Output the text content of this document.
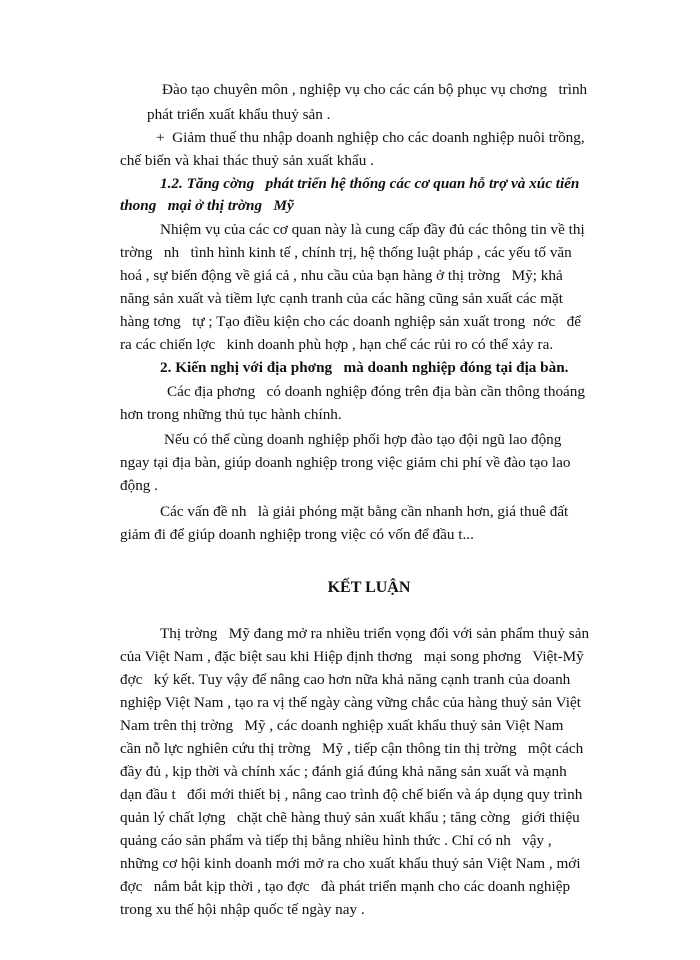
Đào tạo chuyên môn , nghiệp vụ cho các cán bộ phục vụ chơng   trình
phát triển xuất khẩu thuỷ sản .
+  Giảm thuế thu nhập doanh nghiệp cho các doanh nghiệp nuôi trồng,
chế biến và khai thác thuỷ sản xuất khẩu .
1.2. Tăng cờng   phát triển hệ thống các cơ quan hỗ trợ và xúc tiến
thong   mại ở thị trờng   Mỹ
Nhiệm vụ của các cơ quan này là cung cấp đầy đủ các thông tin về thị
trờng   nh   tình hình kinh tế , chính trị, hệ thống luật pháp , các yếu tố văn
hoá , sự biến động về giá cả , nhu cầu của bạn hàng ở thị trờng   Mỹ; khả
năng sản xuất và tiềm lực cạnh tranh của các hãng cũng sản xuất các mặt
hàng tơng   tự ; Tạo điều kiện cho các doanh nghiệp sản xuất trong  nớc   để
ra các chiến lợc   kinh doanh phù hợp , hạn chế các rủi ro có thể xảy ra.
2. Kiến nghị với địa phơng   mà doanh nghiệp đóng tại địa bàn.
Các địa phơng   có doanh nghiệp đóng trên địa bàn cần thông thoáng
hơn trong những thủ tục hành chính.
Nếu có thể cùng doanh nghiệp phối hợp đào tạo đội ngũ lao động
ngay tại địa bàn, giúp doanh nghiệp trong việc giảm chi phí về đào tạo lao
động .
Các vấn đề nh   là giải phóng mặt bằng cần nhanh hơn, giá thuê đất
giảm đi để giúp doanh nghiệp trong việc có vốn để đầu t...
KẾT LUẬN
Thị trờng   Mỹ đang mở ra nhiều triển vọng đối với sản phẩm thuỷ sản
của Việt Nam , đặc biệt sau khi Hiệp định thơng   mại song phơng   Việt-Mỹ
đợc   ký kết. Tuy vậy để nâng cao hơn nữa khả năng cạnh tranh của doanh
nghiệp Việt Nam , tạo ra vị thế ngày càng vững chắc của hàng thuỷ sản Việt
Nam trên thị trờng   Mỹ , các doanh nghiệp xuất khẩu thuỷ sản Việt Nam
cần nỗ lực nghiên cứu thị trờng   Mỹ , tiếp cận thông tin thị trờng   một cách
đầy đủ , kịp thời và chính xác ; đánh giá đúng khả năng sản xuất và mạnh
dạn đầu t   đổi mới thiết bị , nâng cao trình độ chế biến và áp dụng quy trình
quản lý chất lợng   chặt chẽ hàng thuỷ sản xuất khẩu ; tăng cờng   giới thiệu
quảng cáo sản phẩm và tiếp thị bằng nhiều hình thức . Chỉ có nh   vậy ,
những cơ hội kinh doanh mới mở ra cho xuất khẩu thuỷ sản Việt Nam , mới
đợc   nắm bắt kịp thời , tạo đợc   đà phát triển mạnh cho các doanh nghiệp
trong xu thế hội nhập quốc tế ngày nay .
